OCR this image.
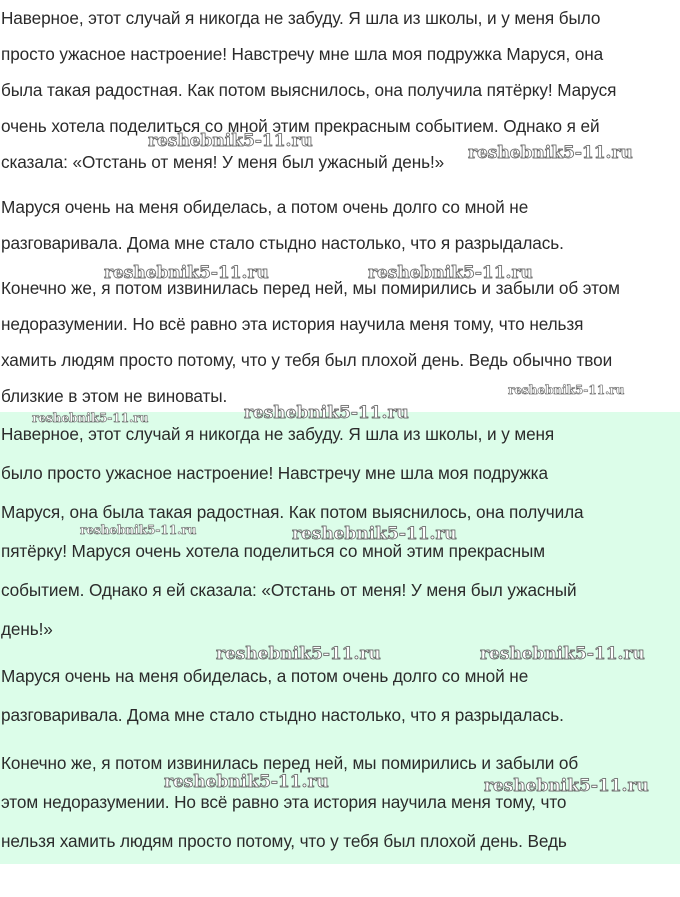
Наверное, этот случай я никогда не забуду. Я шла из школы, и у меня было

просто ужасное настроение! Навстречу мне шла моя подружка Маруся, она

была такая радостная. Как потом выяснилось, она получила пятёрку! Маруся

очень хотела поделиться со мной этим прекрасным событием. Однако я ей

сказала: «Отстань от меня! У меня был ужасный день!»

Маруся очень на меня обиделась, а потом очень долго со мной не

разговаривала. Дома мне стало стыдно настолько, что я разрыдалась.

Конечно же, я потом извинилась перед ней, мы помирились и забыли об этом

недоразумении. Но всё равно эта история научила меня тому, что нельзя

хамить людям просто потому, что у тебя был плохой день. Ведь обычно твои

близкие в этом не виноваты.

Наверное, этот случай я никогда не забуду. Я шла из школы, и у меня

было просто ужасное настроение! Навстречу мне шла моя подружка

Маруся, она была такая радостная. Как потом выяснилось, она получила

пятёрку! Маруся очень хотела поделиться со мной этим прекрасным

событием. Однако я ей сказала: «Отстань от меня! У меня был ужасный

день!»

Маруся очень на меня обиделась, а потом очень долго со мной не

разговаривала. Дома мне стало стыдно настолько, что я разрыдалась.

Конечно же, я потом извинилась перед ней, мы помирились и забыли об

этом недоразумении. Но всё равно эта история научила меня тому, что

нельзя хамить людям просто потому, что у тебя был плохой день. Ведь

reshebnik5-11.ru
reshebnik5-11.ru
reshebnik5-11.ru	reshebnik5-11.ru
reshebnik5-11.ru
reshebnik5-11.ru
reshebnik5-11.ru
reshebnik5-11.ru	reshebnik5-11.ru
reshebnik5-11.ru	reshebnik5-11.ru
reshebnik5-11.ru	reshebnik5-11.ru
